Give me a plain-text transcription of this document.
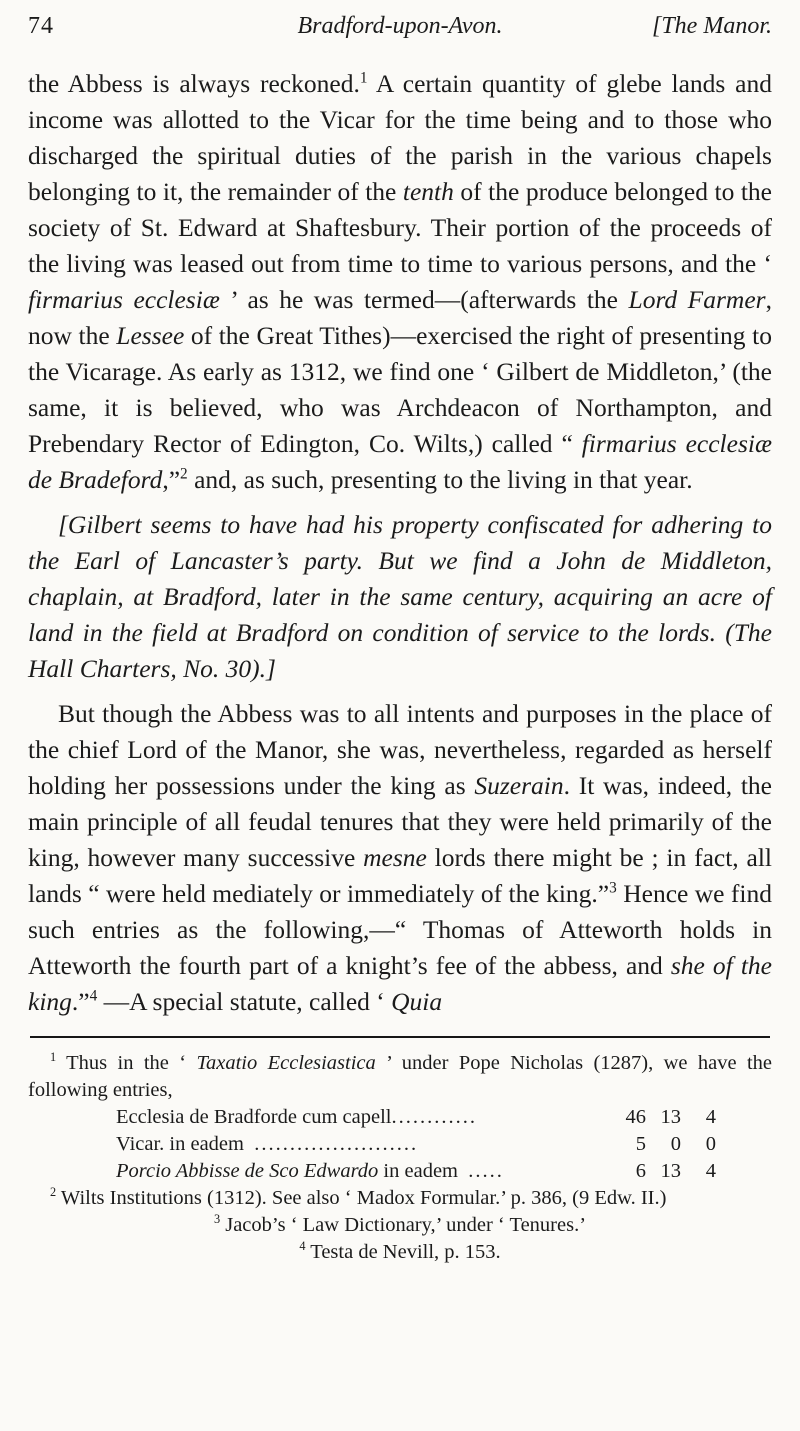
74	Bradford-upon-Avon.	[The Manor.

the Abbess is always reckoned.$^1$ A certain quantity of glebe lands and income was allotted to the Vicar for the time being and to those who discharged the spiritual duties of the parish in the various chapels belonging to it, the remainder of the tenth of the produce belonged to the society of St. Edward at Shaftesbury. Their portion of the proceeds of the living was leased out from time to time to various persons, and the ‘ firmarius ecclesiæ ’ as he was termed—(afterwards the Lord Farmer, now the Lessee of the Great Tithes)—exercised the right of presenting to the Vicarage. As early as 1312, we find one ‘ Gilbert de Middleton,’ (the same, it is believed, who was Archdeacon of Northampton, and Prebendary Rector of Edington, Co. Wilts,) called “ firmarius ecclesiæ de Bradeford,”$^2$ and, as such, presenting to the living in that year.

[Gilbert seems to have had his property confiscated for adhering to the Earl of Lancaster’s party. But we find a John de Middleton, chaplain, at Bradford, later in the same century, acquiring an acre of land in the field at Bradford on condition of service to the lords. (The Hall Charters, No. 30).]

But though the Abbess was to all intents and purposes in the place of the chief Lord of the Manor, she was, nevertheless, regarded as herself holding her possessions under the king as Suzerain. It was, indeed, the main principle of all feudal tenures that they were held primarily of the king, however many successive mesne lords there might be ; in fact, all lands “ were held mediately or immediately of the king.”$^3$ Hence we find such entries as the following,—“ Thomas of Atteworth holds in Atteworth the fourth part of a knight’s fee of the abbess, and she of the king.”$^4$ —A special statute, called ‘ Quia

$^1$ Thus in the ‘ Taxatio Ecclesiastica ’ under Pope Nicholas (1287), we have the following entries,

Ecclesia de Bradforde cum capell............	46 13	4
Vicar. in eadem  .......................	5	0	0
Porcio Abbisse de Sco Edwardo in eadem  .....	6 13	4

$^2$ Wilts Institutions (1312). See also ‘ Madox Formular.’ p. 386, (9 Edw. II.)

$^3$ Jacob’s ‘ Law Dictionary,’ under ‘ Tenures.’

$^4$ Testa de Nevill, p. 153.
